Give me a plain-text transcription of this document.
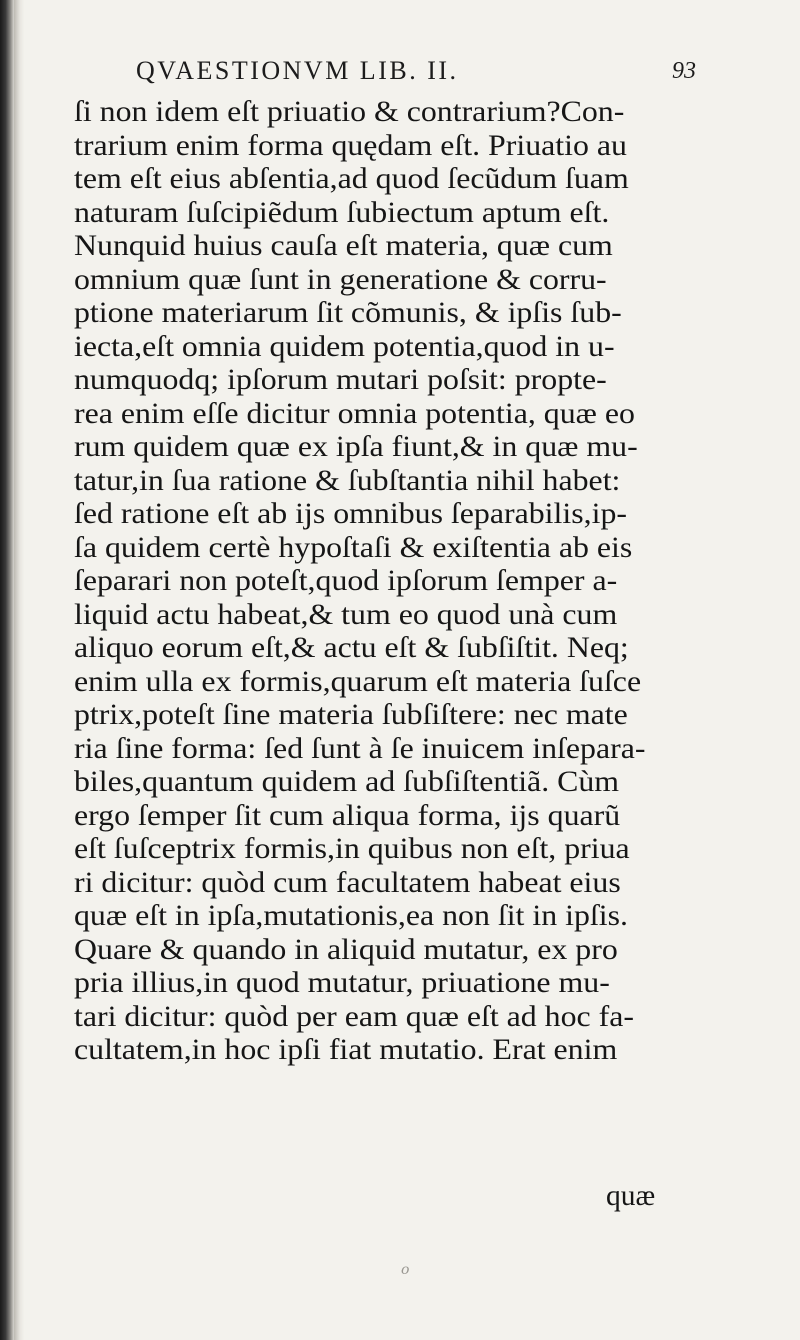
QVAESTIONVM LIB. II.	93
ſi non idem eſt priuatio & contrarium?Con-
trarium enim forma quędam eſt. Priuatio au
tem eſt eius abſentia,ad quod ſecũdum ſuam
naturam ſuſcipiẽdum ſubiectum aptum eſt.
Nunquid huius cauſa eſt materia, quæ cum
omnium quæ ſunt in generatione & corru-
ptione materiarum ſit cõmunis, & ipſis ſub-
iecta,eſt omnia quidem potentia,quod in u-
numquodq; ipſorum mutari poſsit: propte-
rea enim eſſe dicitur omnia potentia, quæ eo
rum quidem quæ ex ipſa fiunt,& in quæ mu-
tatur,in ſua ratione & ſubſtantia nihil habet:
ſed ratione eſt ab ijs omnibus ſeparabilis,ip-
ſa quidem certè hypoſtaſi & exiſtentia ab eis
ſeparari non poteſt,quod ipſorum ſemper a-
liquid actu habeat,& tum eo quod unà cum
aliquo eorum eſt,& actu eſt & ſubſiſtit. Neq;
enim ulla ex formis,quarum eſt materia ſuſce
ptrix,poteſt ſine materia ſubſiſtere: nec mate
ria ſine forma: ſed ſunt à ſe inuicem inſepara-
biles,quantum quidem ad ſubſiſtentiã. Cùm
ergo ſemper ſit cum aliqua forma, ijs quarũ
eſt ſuſceptrix formis,in quibus non eſt, priua
ri dicitur: quòd cum facultatem habeat eius
quæ eſt in ipſa,mutationis,ea non ſit in ipſis.
Quare & quando in aliquid mutatur, ex pro
pria illius,in quod mutatur, priuatione mu-
tari dicitur: quòd per eam quæ eſt ad hoc fa-
cultatem,in hoc ipſi fiat mutatio. Erat enim
quæ
o
